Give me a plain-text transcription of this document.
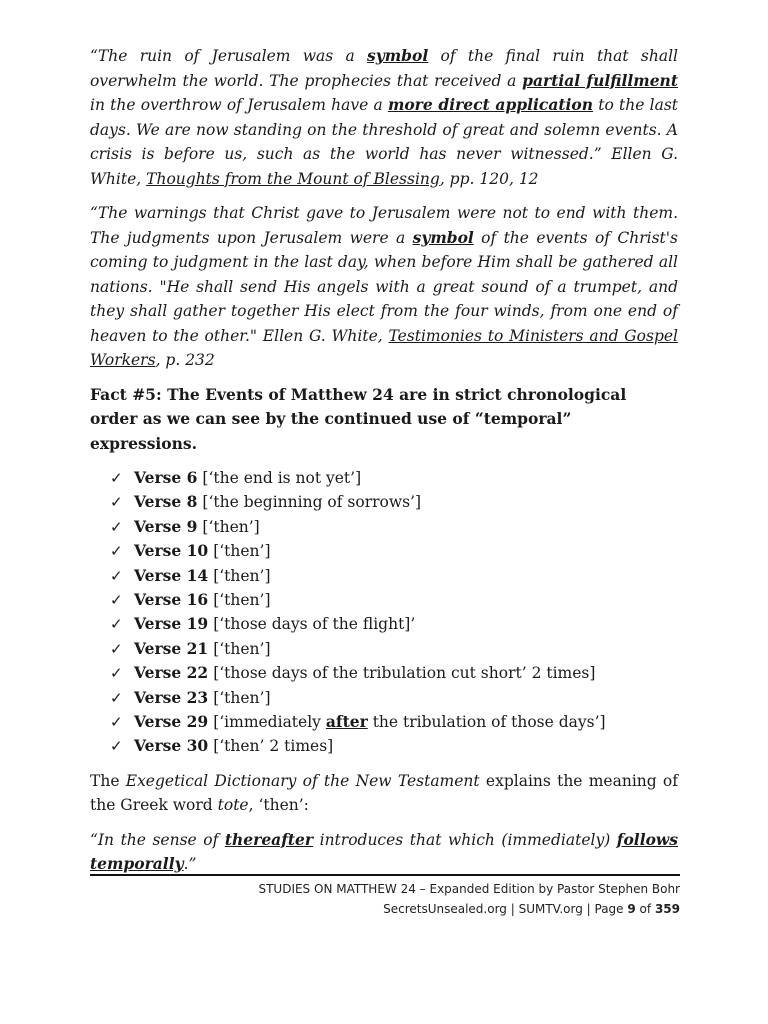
“The ruin of Jerusalem was a symbol of the final ruin that shall overwhelm the world. The prophecies that received a partial fulfillment in the overthrow of Jerusalem have a more direct application to the last days. We are now standing on the threshold of great and solemn events. A crisis is before us, such as the world has never witnessed.” Ellen G. White, Thoughts from the Mount of Blessing, pp. 120, 12

“The warnings that Christ gave to Jerusalem were not to end with them. The judgments upon Jerusalem were a symbol of the events of Christ's coming to judgment in the last day, when before Him shall be gathered all nations. "He shall send His angels with a great sound of a trumpet, and they shall gather together His elect from the four winds, from one end of heaven to the other." Ellen G. White, Testimonies to Ministers and Gospel Workers, p. 232

Fact #5: The Events of Matthew 24 are in strict chronological order as we can see by the continued use of “temporal” expressions.

✓ Verse 6 [‘the end is not yet’]
✓ Verse 8 [‘the beginning of sorrows’]
✓ Verse 9 [‘then’]
✓ Verse 10 [‘then’]
✓ Verse 14 [‘then’]
✓ Verse 16 [‘then’]
✓ Verse 19 [‘those days of the flight]’
✓ Verse 21 [‘then’]
✓ Verse 22 [‘those days of the tribulation cut short’ 2 times]
✓ Verse 23 [‘then’]
✓ Verse 29 [‘immediately after the tribulation of those days’]
✓ Verse 30 [‘then’ 2 times]

The Exegetical Dictionary of the New Testament explains the meaning of the Greek word tote, ‘then’:

“In the sense of thereafter introduces that which (immediately) follows temporally.”

STUDIES ON MATTHEW 24 – Expanded Edition by Pastor Stephen Bohr
SecretsUnsealed.org | SUMTV.org | Page 9 of 359
